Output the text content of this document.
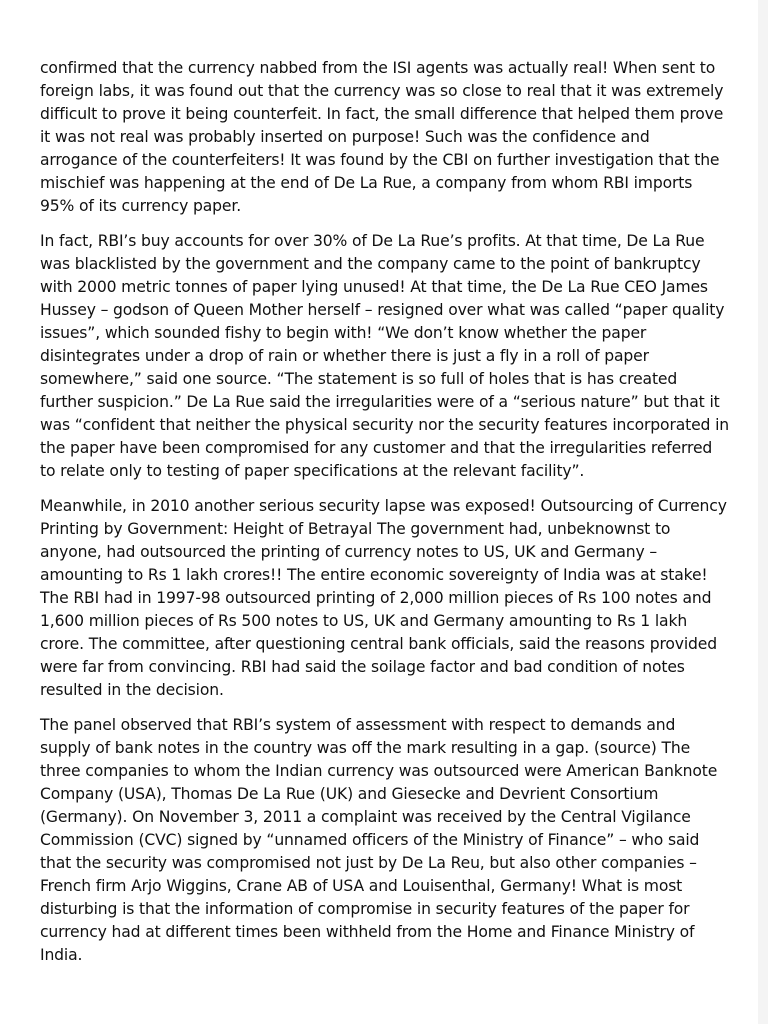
confirmed that the currency nabbed from the ISI agents was actually real! When sent to foreign labs, it was found out that the currency was so close to real that it was extremely difficult to prove it being counterfeit. In fact, the small difference that helped them prove it was not real was probably inserted on purpose! Such was the confidence and arrogance of the counterfeiters! It was found by the CBI on further investigation that the mischief was happening at the end of De La Rue, a company from whom RBI imports 95% of its currency paper.

In fact, RBI’s buy accounts for over 30% of De La Rue’s profits. At that time, De La Rue was blacklisted by the government and the company came to the point of bankruptcy with 2000 metric tonnes of paper lying unused! At that time, the De La Rue CEO James Hussey – godson of Queen Mother herself – resigned over what was called “paper quality issues”, which sounded fishy to begin with! “We don’t know whether the paper disintegrates under a drop of rain or whether there is just a fly in a roll of paper somewhere,” said one source. “The statement is so full of holes that is has created further suspicion.” De La Rue said the irregularities were of a “serious nature” but that it was “confident that neither the physical security nor the security features incorporated in the paper have been compromised for any customer and that the irregularities referred to relate only to testing of paper specifications at the relevant facility”.

Meanwhile, in 2010 another serious security lapse was exposed! Outsourcing of Currency Printing by Government: Height of Betrayal The government had, unbeknownst to anyone, had outsourced the printing of currency notes to US, UK and Germany – amounting to Rs 1 lakh crores!! The entire economic sovereignty of India was at stake! The RBI had in 1997-98 outsourced printing of 2,000 million pieces of Rs 100 notes and 1,600 million pieces of Rs 500 notes to US, UK and Germany amounting to Rs 1 lakh crore. The committee, after questioning central bank officials, said the reasons provided were far from convincing. RBI had said the soilage factor and bad condition of notes resulted in the decision.

The panel observed that RBI’s system of assessment with respect to demands and supply of bank notes in the country was off the mark resulting in a gap. (source) The three companies to whom the Indian currency was outsourced were American Banknote Company (USA), Thomas De La Rue (UK) and Giesecke and Devrient Consortium (Germany). On November 3, 2011 a complaint was received by the Central Vigilance Commission (CVC) signed by “unnamed officers of the Ministry of Finance” – who said that the security was compromised not just by De La Reu, but also other companies – French firm Arjo Wiggins, Crane AB of USA and Louisenthal, Germany! What is most disturbing is that the information of compromise in security features of the paper for currency had at different times been withheld from the Home and Finance Ministry of India.
